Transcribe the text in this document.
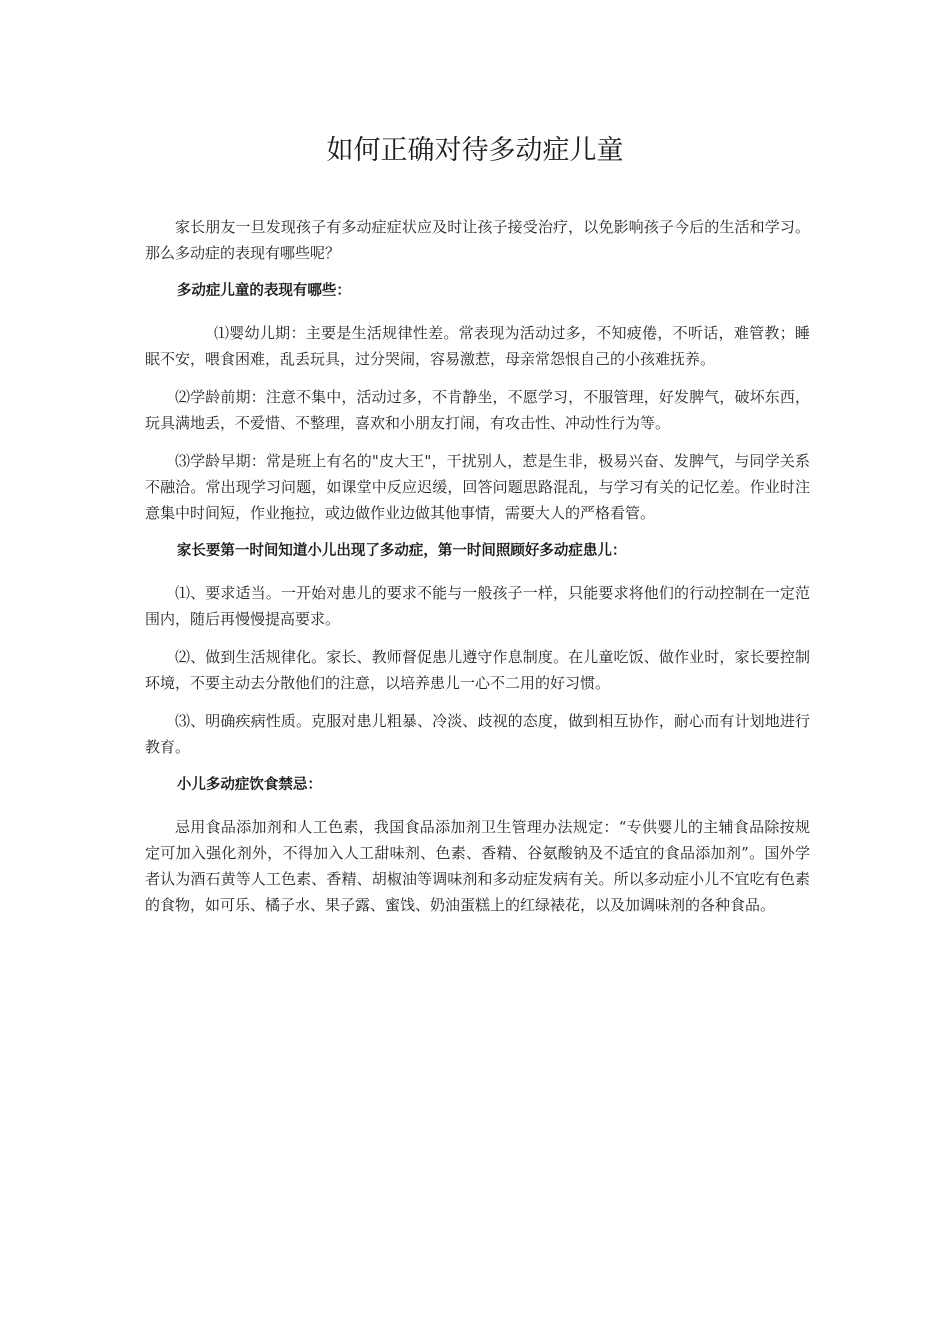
如何正确对待多动症儿童

家长朋友一旦发现孩子有多动症症状应及时让孩子接受治疗，以免影响孩子今后的生活和学习。那么多动症的表现有哪些呢？

多动症儿童的表现有哪些：

⑴婴幼儿期：主要是生活规律性差。常表现为活动过多，不知疲倦，不听话，难管教；睡眠不安，喂食困难，乱丢玩具，过分哭闹，容易激惹，母亲常怨恨自己的小孩难抚养。

⑵学龄前期：注意不集中，活动过多，不肯静坐，不愿学习，不服管理，好发脾气，破坏东西，玩具满地丢，不爱惜、不整理，喜欢和小朋友打闹，有攻击性、冲动性行为等。

⑶学龄早期：常是班上有名的"皮大王"，干扰别人，惹是生非，极易兴奋、发脾气，与同学关系不融洽。常出现学习问题，如课堂中反应迟缓，回答问题思路混乱，与学习有关的记忆差。作业时注意集中时间短，作业拖拉，或边做作业边做其他事情，需要大人的严格看管。

家长要第一时间知道小儿出现了多动症，第一时间照顾好多动症患儿：

⑴、要求适当。一开始对患儿的要求不能与一般孩子一样，只能要求将他们的行动控制在一定范围内，随后再慢慢提高要求。

⑵、做到生活规律化。家长、教师督促患儿遵守作息制度。在儿童吃饭、做作业时，家长要控制环境，不要主动去分散他们的注意，以培养患儿一心不二用的好习惯。

⑶、明确疾病性质。克服对患儿粗暴、冷淡、歧视的态度，做到相互协作，耐心而有计划地进行教育。

小儿多动症饮食禁忌：

忌用食品添加剂和人工色素，我国食品添加剂卫生管理办法规定：“专供婴儿的主辅食品除按规定可加入强化剂外，不得加入人工甜味剂、色素、香精、谷氨酸钠及不适宜的食品添加剂”。国外学者认为酒石黄等人工色素、香精、胡椒油等调味剂和多动症发病有关。所以多动症小儿不宜吃有色素的食物，如可乐、橘子水、果子露、蜜饯、奶油蛋糕上的红绿裱花，以及加调味剂的各种食品。
